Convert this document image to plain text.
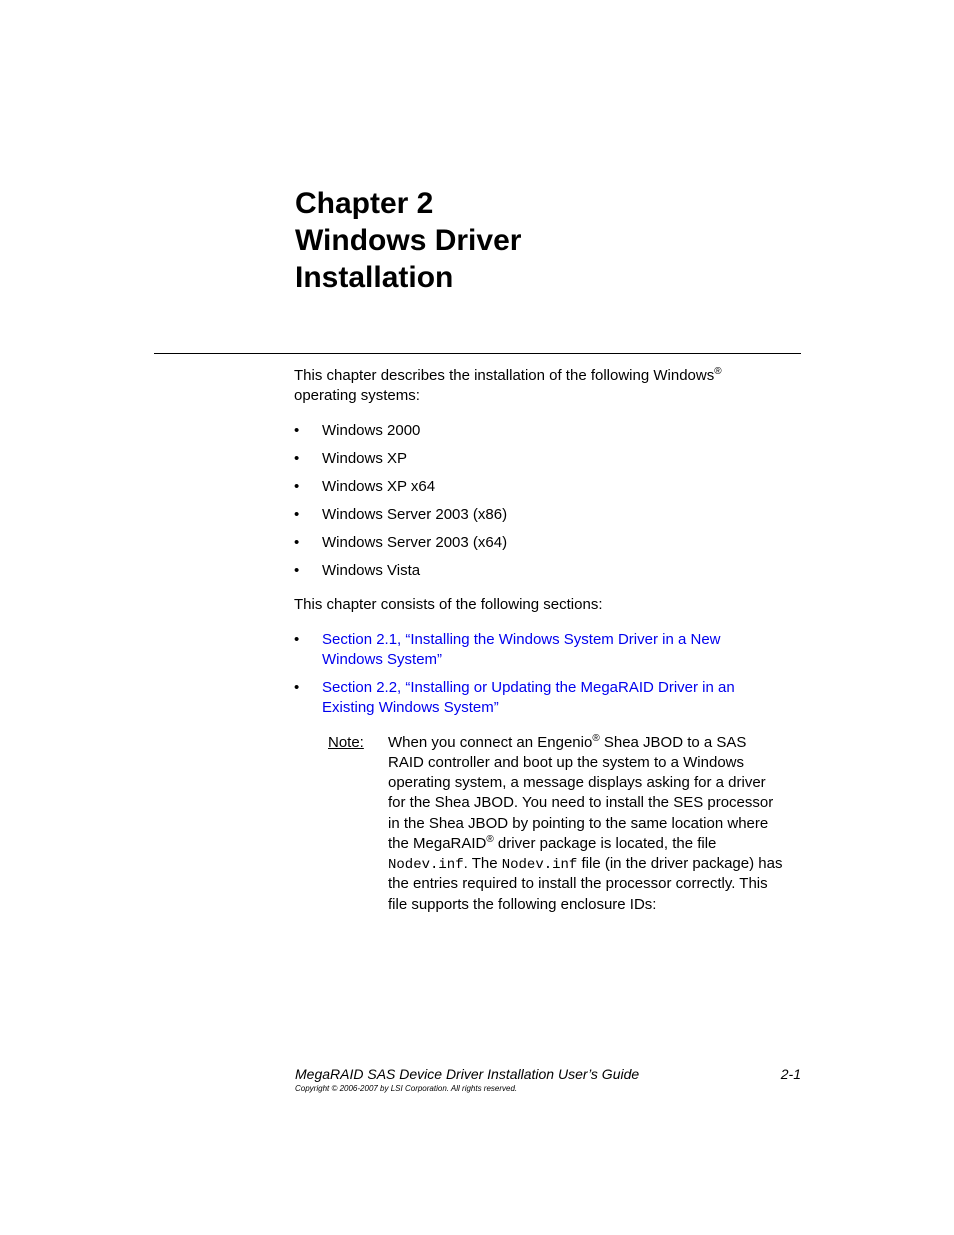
Chapter 2
Windows Driver
Installation
This chapter describes the installation of the following Windows®
operating systems:
• Windows 2000
• Windows XP
• Windows XP x64
• Windows Server 2003 (x86)
• Windows Server 2003 (x64)
• Windows Vista
This chapter consists of the following sections:
• Section 2.1, “Installing the Windows System Driver in a New
Windows System”
• Section 2.2, “Installing or Updating the MegaRAID Driver in an
Existing Windows System”
Note: When you connect an Engenio® Shea JBOD to a SAS
RAID controller and boot up the system to a Windows
operating system, a message displays asking for a driver
for the Shea JBOD. You need to install the SES processor
in the Shea JBOD by pointing to the same location where
the MegaRAID® driver package is located, the file
Nodev.inf. The Nodev.inf file (in the driver package) has
the entries required to install the processor correctly. This
file supports the following enclosure IDs:
MegaRAID SAS Device Driver Installation User’s Guide	2-1
Copyright © 2006-2007 by LSI Corporation. All rights reserved.
